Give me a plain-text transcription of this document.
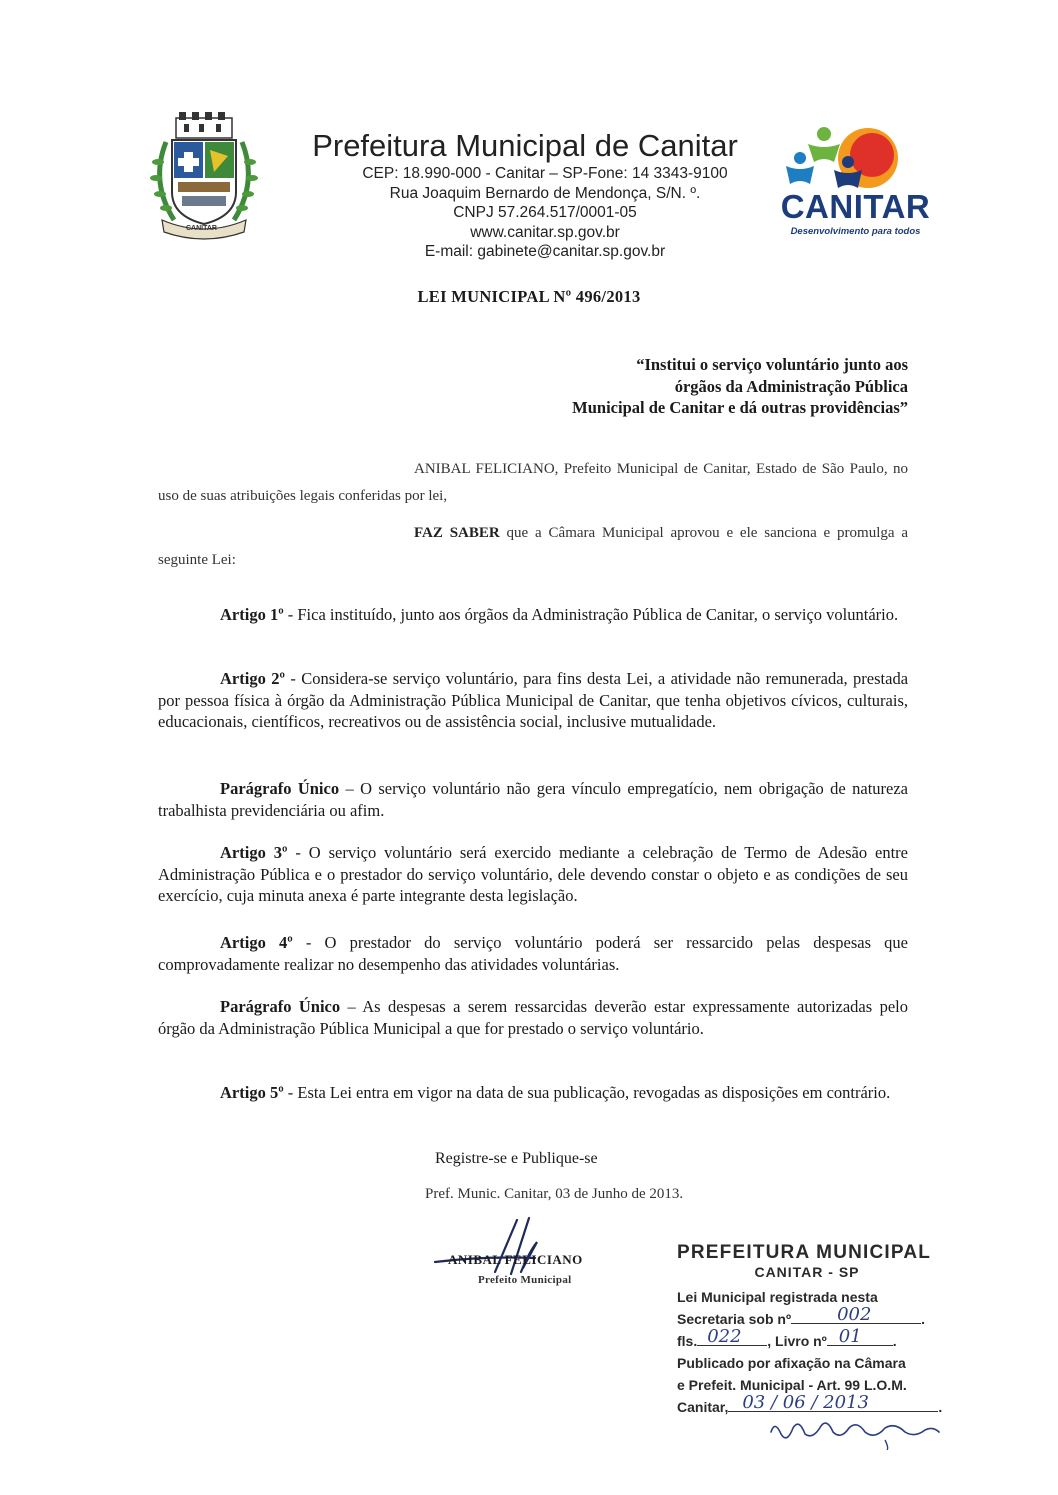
CANITAR
Prefeitura Municipal de Canitar
CEP: 18.990-000 - Canitar – SP-Fone: 14 3343-9100
Rua Joaquim Bernardo de Mendonça, S/N. º.
CNPJ 57.264.517/0001-05
www.canitar.sp.gov.br
E-mail: gabinete@canitar.sp.gov.br
CANITAR
Desenvolvimento para todos
LEI MUNICIPAL Nº 496/2013
“Institui o serviço voluntário junto aos
órgãos da Administração Pública
Municipal de Canitar e dá outras providências”
ANIBAL FELICIANO, Prefeito Municipal de Canitar, Estado de São Paulo, no uso de suas atribuições legais conferidas por lei,
FAZ SABER que a Câmara Municipal aprovou e ele sanciona e promulga a seguinte Lei:
Artigo 1º - Fica instituído, junto aos órgãos da Administração Pública de Canitar, o serviço voluntário.
Artigo 2º - Considera-se serviço voluntário, para fins desta Lei, a atividade não remunerada, prestada por pessoa física à órgão da Administração Pública Municipal de Canitar, que tenha objetivos cívicos, culturais, educacionais, científicos, recreativos ou de assistência social, inclusive mutualidade.
Parágrafo Único – O serviço voluntário não gera vínculo empregatício, nem obrigação de natureza trabalhista previdenciária ou afim.
Artigo 3º - O serviço voluntário será exercido mediante a celebração de Termo de Adesão entre Administração Pública e o prestador do serviço voluntário, dele devendo constar o objeto e as condições de seu exercício, cuja minuta anexa é parte integrante desta legislação.
Artigo 4º - O prestador do serviço voluntário poderá ser ressarcido pelas despesas que comprovadamente realizar no desempenho das atividades voluntárias.
Parágrafo Único – As despesas a serem ressarcidas deverão estar expressamente autorizadas pelo órgão da Administração Pública Municipal a que for prestado o serviço voluntário.
Artigo 5º - Esta Lei entra em vigor na data de sua publicação, revogadas as disposições em contrário.
Registre-se e Publique-se
Pref. Munic. Canitar, 03 de Junho de 2013.
ANIBAL FELICIANO
Prefeito Municipal
PREFEITURA MUNICIPAL
CANITAR - SP
Lei Municipal registrada nesta
Secretaria sob nº	002	.
fls. 022 , Livro nº 01 .
Publicado por afixação na Câmara
e Prefeit. Municipal - Art. 99 L.O.M.
Canitar, 03 / 06 / 2013	.
